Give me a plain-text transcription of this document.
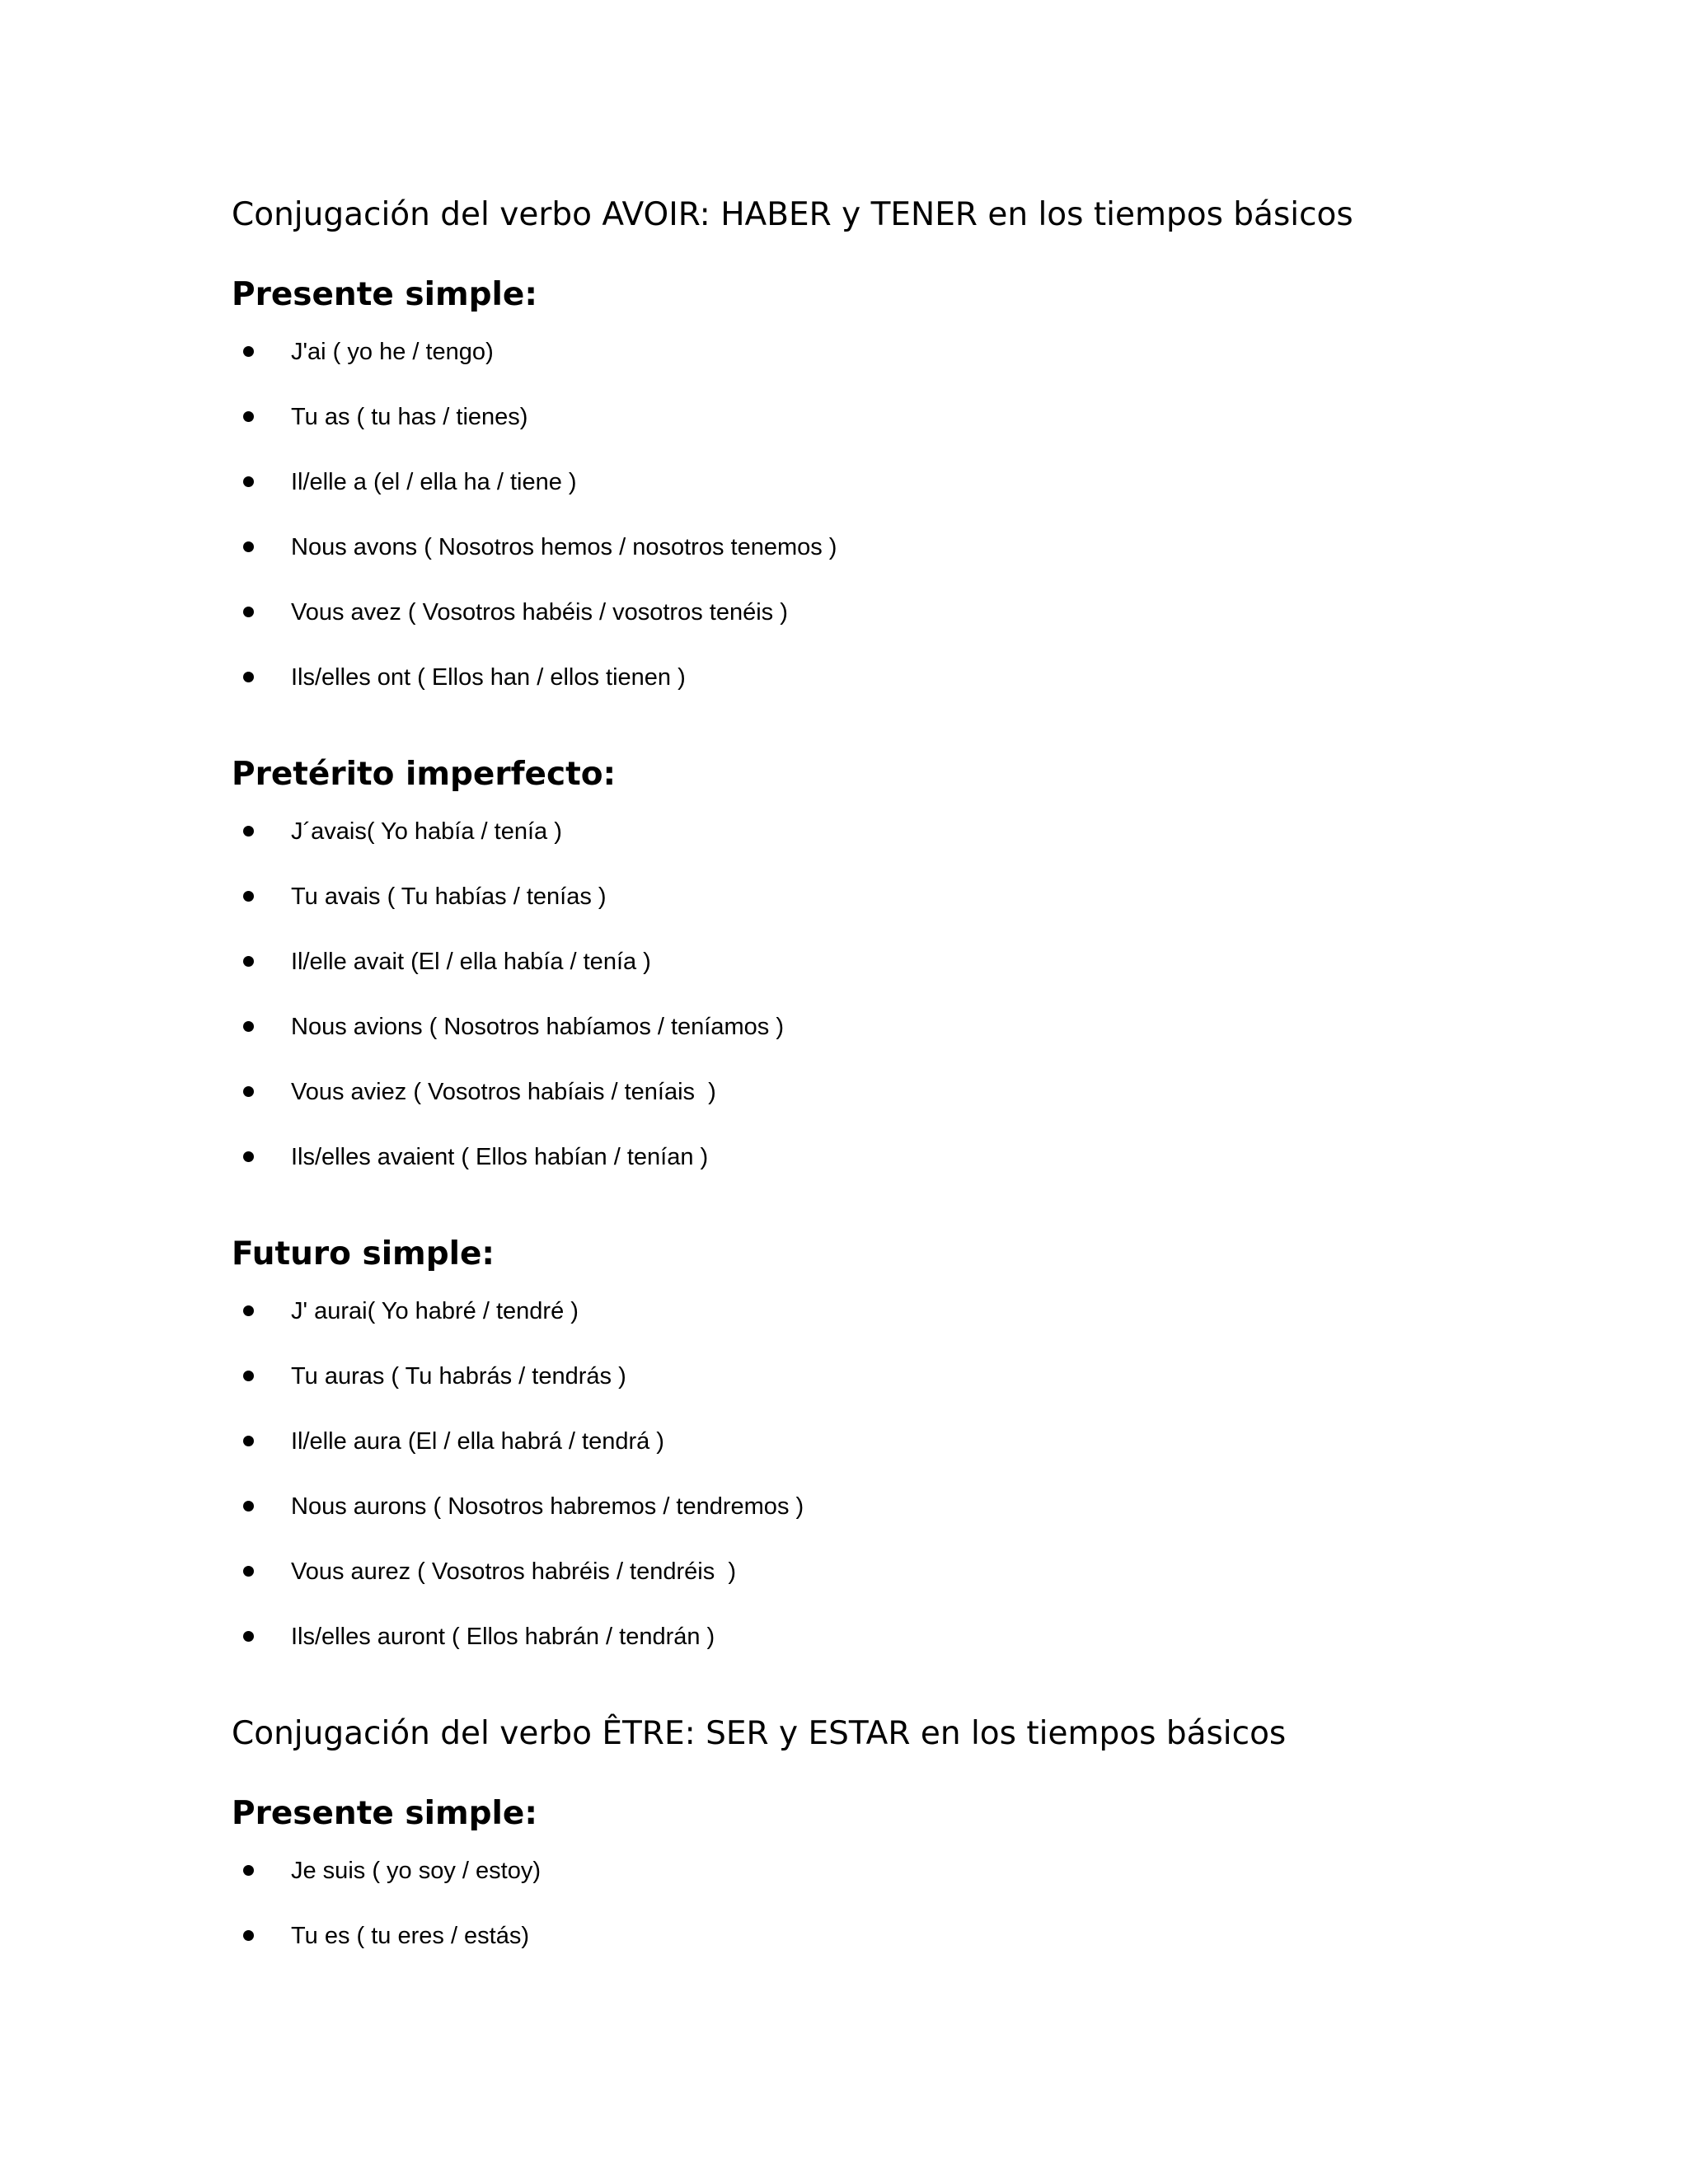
Conjugación del verbo AVOIR: HABER y TENER en los tiempos básicos
Presente simple:
J'ai ( yo he / tengo)
Tu as ( tu has / tienes)
Il/elle a (el / ella ha / tiene )
Nous avons ( Nosotros hemos / nosotros tenemos )
Vous avez ( Vosotros habéis / vosotros tenéis )
Ils/elles ont ( Ellos han / ellos tienen )
Pretérito imperfecto:
J´avais( Yo había / tenía )
Tu avais ( Tu habías / tenías )
Il/elle avait (El / ella había / tenía )
Nous avions ( Nosotros habíamos / teníamos )
Vous aviez ( Vosotros habíais / teníais  )
Ils/elles avaient ( Ellos habían / tenían )
Futuro simple:
J' aurai( Yo habré / tendré )
Tu auras ( Tu habrás / tendrás )
Il/elle aura (El / ella habrá / tendrá )
Nous aurons ( Nosotros habremos / tendremos )
Vous aurez ( Vosotros habréis / tendréis  )
Ils/elles auront ( Ellos habrán / tendrán )
Conjugación del verbo ÊTRE: SER y ESTAR en los tiempos básicos
Presente simple:
Je suis ( yo soy / estoy)
Tu es ( tu eres / estás)
